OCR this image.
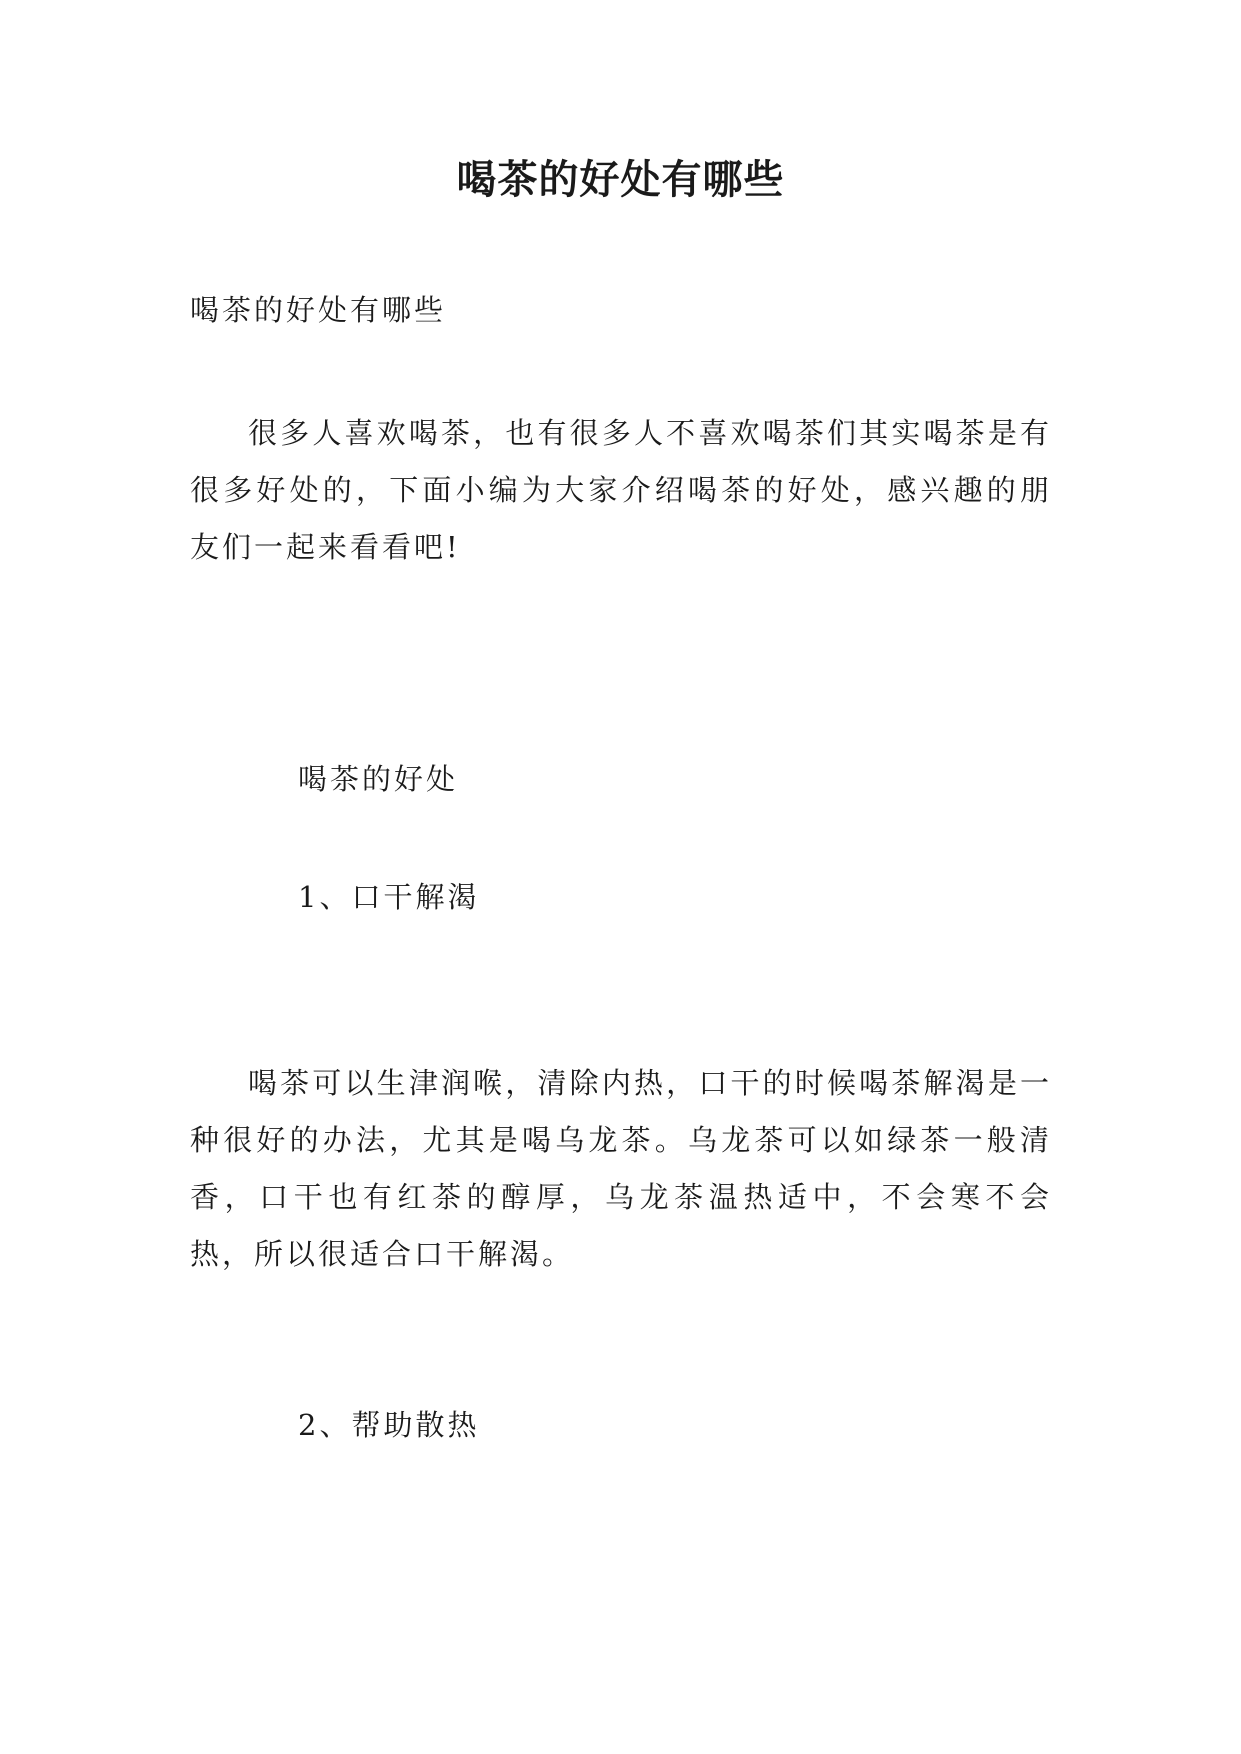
喝茶的好处有哪些

喝茶的好处有哪些

很多人喜欢喝茶，也有很多人不喜欢喝茶们其实喝茶是有很多好处的，下面小编为大家介绍喝茶的好处，感兴趣的朋友们一起来看看吧!

喝茶的好处

1、口干解渴

喝茶可以生津润喉，清除内热，口干的时候喝茶解渴是一种很好的办法，尤其是喝乌龙茶。乌龙茶可以如绿茶一般清香，口干也有红茶的醇厚，乌龙茶温热适中，不会寒不会热，所以很适合口干解渴。

2、帮助散热
